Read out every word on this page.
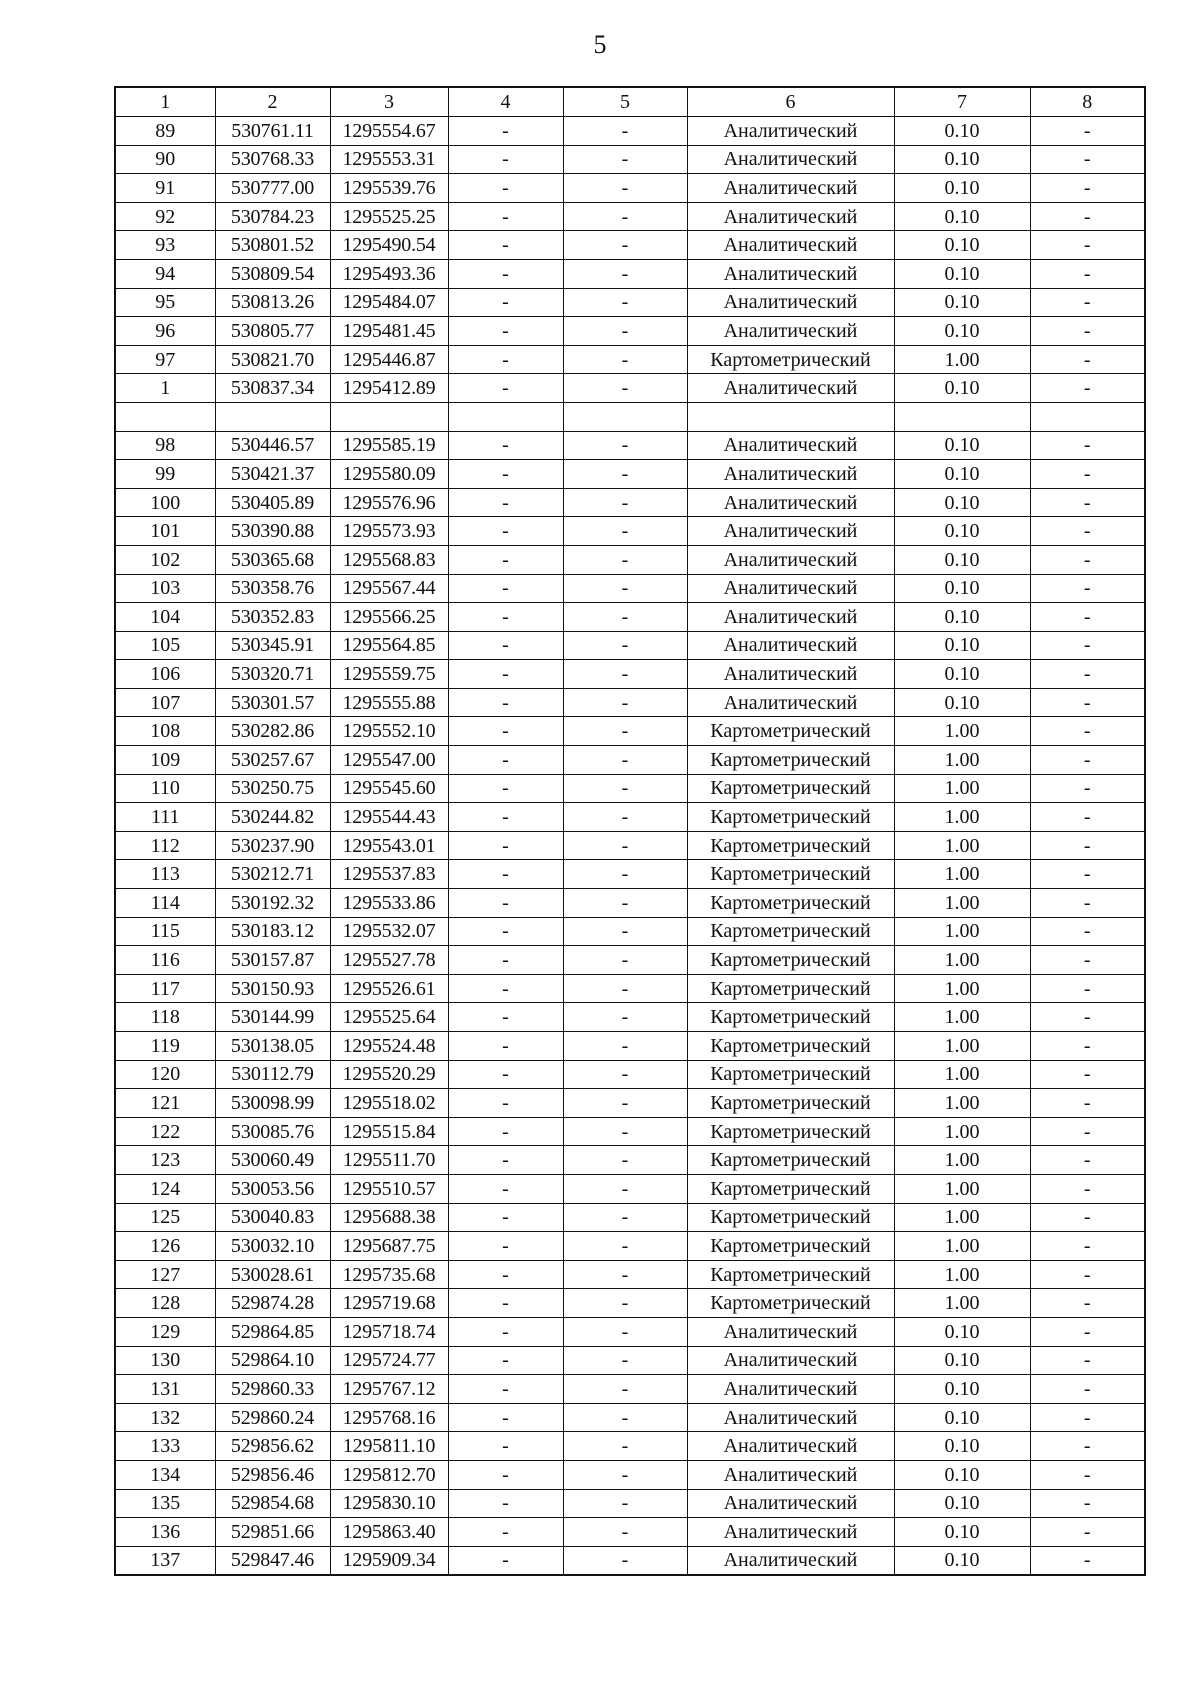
5
1	2	3	4	5	6	7	8
89	530761.11	1295554.67	-	-	Аналитический	0.10	-
90	530768.33	1295553.31	-	-	Аналитический	0.10	-
91	530777.00	1295539.76	-	-	Аналитический	0.10	-
92	530784.23	1295525.25	-	-	Аналитический	0.10	-
93	530801.52	1295490.54	-	-	Аналитический	0.10	-
94	530809.54	1295493.36	-	-	Аналитический	0.10	-
95	530813.26	1295484.07	-	-	Аналитический	0.10	-
96	530805.77	1295481.45	-	-	Аналитический	0.10	-
97	530821.70	1295446.87	-	-	Картометрический	1.00	-
1	530837.34	1295412.89	-	-	Аналитический	0.10	-

98	530446.57	1295585.19	-	-	Аналитический	0.10	-
99	530421.37	1295580.09	-	-	Аналитический	0.10	-
100	530405.89	1295576.96	-	-	Аналитический	0.10	-
101	530390.88	1295573.93	-	-	Аналитический	0.10	-
102	530365.68	1295568.83	-	-	Аналитический	0.10	-
103	530358.76	1295567.44	-	-	Аналитический	0.10	-
104	530352.83	1295566.25	-	-	Аналитический	0.10	-
105	530345.91	1295564.85	-	-	Аналитический	0.10	-
106	530320.71	1295559.75	-	-	Аналитический	0.10	-
107	530301.57	1295555.88	-	-	Аналитический	0.10	-
108	530282.86	1295552.10	-	-	Картометрический	1.00	-
109	530257.67	1295547.00	-	-	Картометрический	1.00	-
110	530250.75	1295545.60	-	-	Картометрический	1.00	-
111	530244.82	1295544.43	-	-	Картометрический	1.00	-
112	530237.90	1295543.01	-	-	Картометрический	1.00	-
113	530212.71	1295537.83	-	-	Картометрический	1.00	-
114	530192.32	1295533.86	-	-	Картометрический	1.00	-
115	530183.12	1295532.07	-	-	Картометрический	1.00	-
116	530157.87	1295527.78	-	-	Картометрический	1.00	-
117	530150.93	1295526.61	-	-	Картометрический	1.00	-
118	530144.99	1295525.64	-	-	Картометрический	1.00	-
119	530138.05	1295524.48	-	-	Картометрический	1.00	-
120	530112.79	1295520.29	-	-	Картометрический	1.00	-
121	530098.99	1295518.02	-	-	Картометрический	1.00	-
122	530085.76	1295515.84	-	-	Картометрический	1.00	-
123	530060.49	1295511.70	-	-	Картометрический	1.00	-
124	530053.56	1295510.57	-	-	Картометрический	1.00	-
125	530040.83	1295688.38	-	-	Картометрический	1.00	-
126	530032.10	1295687.75	-	-	Картометрический	1.00	-
127	530028.61	1295735.68	-	-	Картометрический	1.00	-
128	529874.28	1295719.68	-	-	Картометрический	1.00	-
129	529864.85	1295718.74	-	-	Аналитический	0.10	-
130	529864.10	1295724.77	-	-	Аналитический	0.10	-
131	529860.33	1295767.12	-	-	Аналитический	0.10	-
132	529860.24	1295768.16	-	-	Аналитический	0.10	-
133	529856.62	1295811.10	-	-	Аналитический	0.10	-
134	529856.46	1295812.70	-	-	Аналитический	0.10	-
135	529854.68	1295830.10	-	-	Аналитический	0.10	-
136	529851.66	1295863.40	-	-	Аналитический	0.10	-
137	529847.46	1295909.34	-	-	Аналитический	0.10	-
